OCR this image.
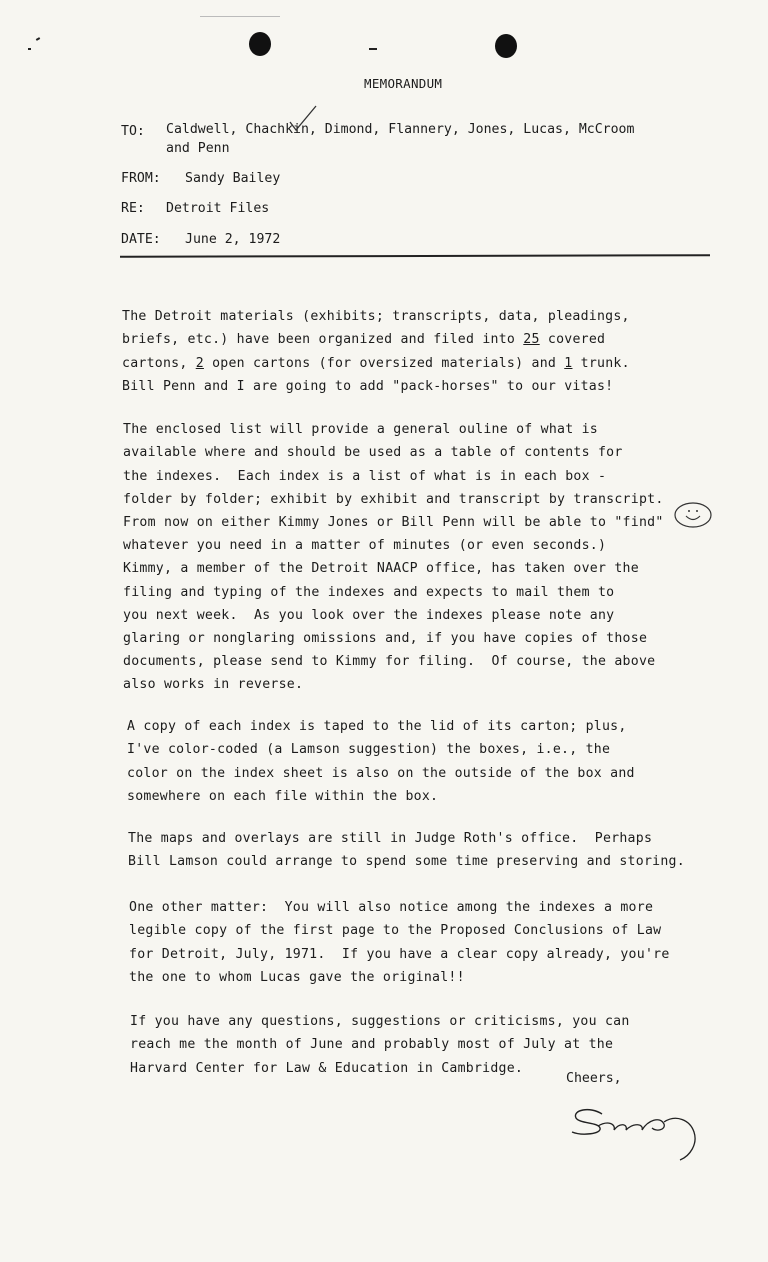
MEMORANDUM
TO: Caldwell, Chachkin, Dimond, Flannery, Jones, Lucas, McCroom
and Penn
FROM: Sandy Bailey
RE: Detroit Files
DATE: June 2, 1972

The Detroit materials (exhibits; transcripts, data, pleadings,
briefs, etc.) have been organized and filed into 25 covered
cartons, 2 open cartons (for oversized materials) and 1 trunk.
Bill Penn and I are going to add "pack-horses" to our vitas!

The enclosed list will provide a general ouline of what is
available where and should be used as a table of contents for
the indexes.  Each index is a list of what is in each box -
folder by folder; exhibit by exhibit and transcript by transcript.
From now on either Kimmy Jones or Bill Penn will be able to "find"
whatever you need in a matter of minutes (or even seconds.)
Kimmy, a member of the Detroit NAACP office, has taken over the
filing and typing of the indexes and expects to mail them to
you next week.  As you look over the indexes please note any
glaring or nonglaring omissions and, if you have copies of those
documents, please send to Kimmy for filing.  Of course, the above
also works in reverse.

A copy of each index is taped to the lid of its carton; plus,
I've color-coded (a Lamson suggestion) the boxes, i.e., the
color on the index sheet is also on the outside of the box and
somewhere on each file within the box.

The maps and overlays are still in Judge Roth's office.  Perhaps
Bill Lamson could arrange to spend some time preserving and storing.

One other matter:  You will also notice among the indexes a more
legible copy of the first page to the Proposed Conclusions of Law
for Detroit, July, 1971.  If you have a clear copy already, you're
the one to whom Lucas gave the original!!

If you have any questions, suggestions or criticisms, you can
reach me the month of June and probably most of July at the
Harvard Center for Law & Education in Cambridge.

Cheers,
